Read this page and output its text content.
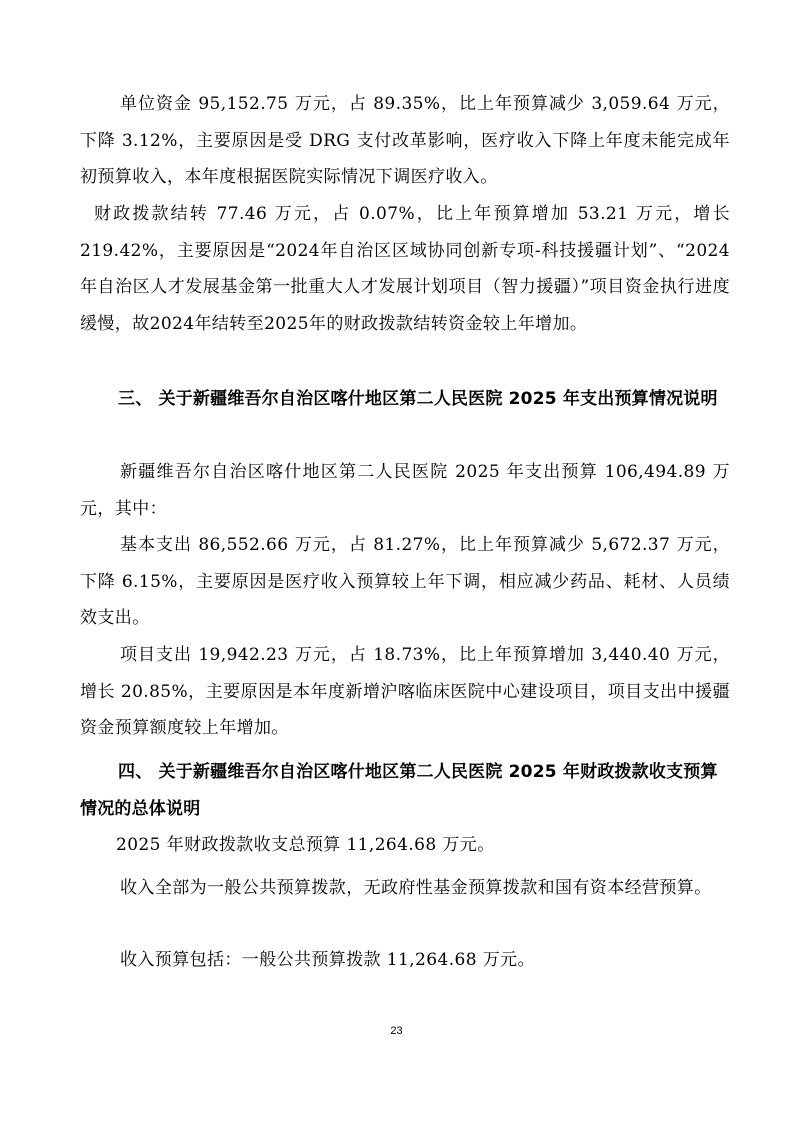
单位资金 95,152.75 万元，占 89.35%，比上年预算减少 3,059.64 万元，下降 3.12%，主要原因是受 DRG 支付改革影响，医疗收入下降上年度未能完成年初预算收入，本年度根据医院实际情况下调医疗收入。

财政拨款结转 77.46 万元，占 0.07%，比上年预算增加 53.21 万元，增长 219.42%，主要原因是“2024年自治区区域协同创新专项-科技援疆计划”、“2024年自治区人才发展基金第一批重大人才发展计划项目（智力援疆）”项目资金执行进度缓慢，故2024年结转至2025年的财政拨款结转资金较上年增加。

三、 关于新疆维吾尔自治区喀什地区第二人民医院 2025 年支出预算情况说明

新疆维吾尔自治区喀什地区第二人民医院 2025 年支出预算 106,494.89 万元，其中：

基本支出 86,552.66 万元，占 81.27%，比上年预算减少 5,672.37 万元，下降 6.15%，主要原因是医疗收入预算较上年下调，相应减少药品、耗材、人员绩效支出。

项目支出 19,942.23 万元，占 18.73%，比上年预算增加 3,440.40 万元，增长 20.85%，主要原因是本年度新增沪喀临床医院中心建设项目，项目支出中援疆资金预算额度较上年增加。

四、 关于新疆维吾尔自治区喀什地区第二人民医院 2025 年财政拨款收支预算情况的总体说明

2025 年财政拨款收支总预算 11,264.68 万元。

收入全部为一般公共预算拨款，无政府性基金预算拨款和国有资本经营预算。

收入预算包括：一般公共预算拨款 11,264.68 万元。

23
